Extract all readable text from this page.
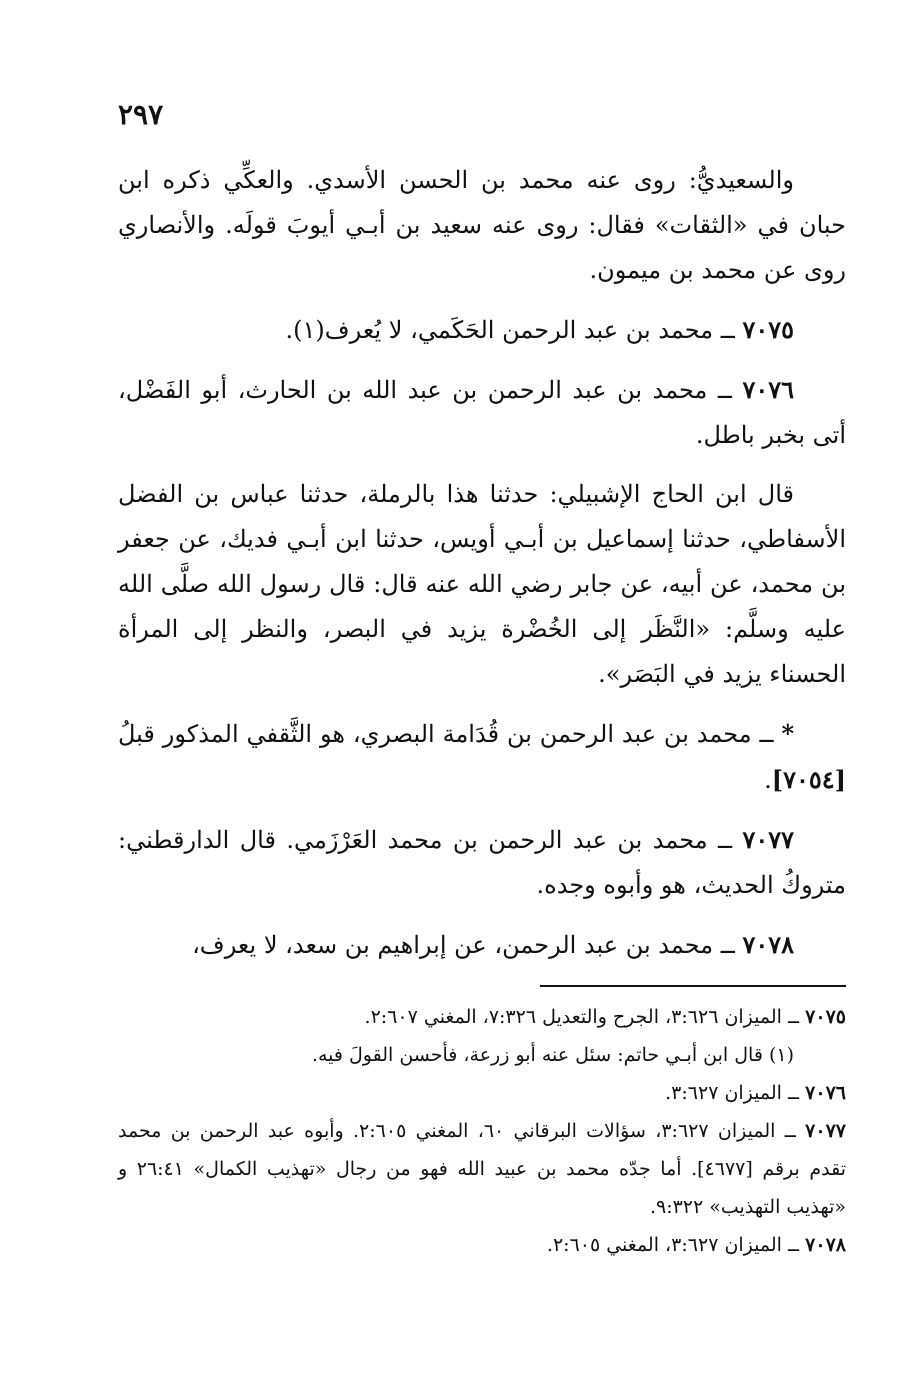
٢٩٧

والسعيديُّ: روى عنه محمد بن الحسن الأسدي. والعكِّي ذكره ابن حبان في «الثقات» فقال: روى عنه سعيد بن أبـي أيوبَ قولَه. والأنصاري روى عن محمد بن ميمون.

٧٠٧٥ ــ محمد بن عبد الرحمن الحَكَمي، لا يُعرف(١).

٧٠٧٦ ــ محمد بن عبد الرحمن بن عبد الله بن الحارث، أبو الفَضْل، أتى بخبر باطل.

قال ابن الحاج الإشبيلي: حدثنا هذا بالرملة، حدثنا عباس بن الفضل الأسفاطي، حدثنا إسماعيل بن أبـي أويس، حدثنا ابن أبـي فديك، عن جعفر بن محمد، عن أبيه، عن جابر رضي الله عنه قال: قال رسول الله صلَّى الله عليه وسلَّم: «النَّظَر إلى الخُضْرة يزيد في البصر، والنظر إلى المرأة الحسناء يزيد في البَصَر».

* ــ محمد بن عبد الرحمن بن قُدَامة البصري، هو الثَّقفي المذكور قبلُ [٧٠٥٤].

٧٠٧٧ ــ محمد بن عبد الرحمن بن محمد العَرْزَمي. قال الدارقطني: متروكُ الحديث، هو وأبوه وجده.

٧٠٧٨ ــ محمد بن عبد الرحمن، عن إبراهيم بن سعد، لا يعرف،

٧٠٧٥ ــ الميزان ٣:٦٢٦، الجرح والتعديل ٧:٣٢٦، المغني ٢:٦٠٧.

(١) قال ابن أبـي حاتم: سئل عنه أبو زرعة، فأحسن القولَ فيه.

٧٠٧٦ ــ الميزان ٣:٦٢٧.

٧٠٧٧ ــ الميزان ٣:٦٢٧، سؤالات البرقاني ٦٠، المغني ٢:٦٠٥. وأبوه عبد الرحمن بن محمد تقدم برقم [٤٦٧٧]. أما جدّه محمد بن عبيد الله فهو من رجال «تهذيب الكمال» ٢٦:٤١ و «تهذيب التهذيب» ٩:٣٢٢.

٧٠٧٨ ــ الميزان ٣:٦٢٧، المغني ٢:٦٠٥.
